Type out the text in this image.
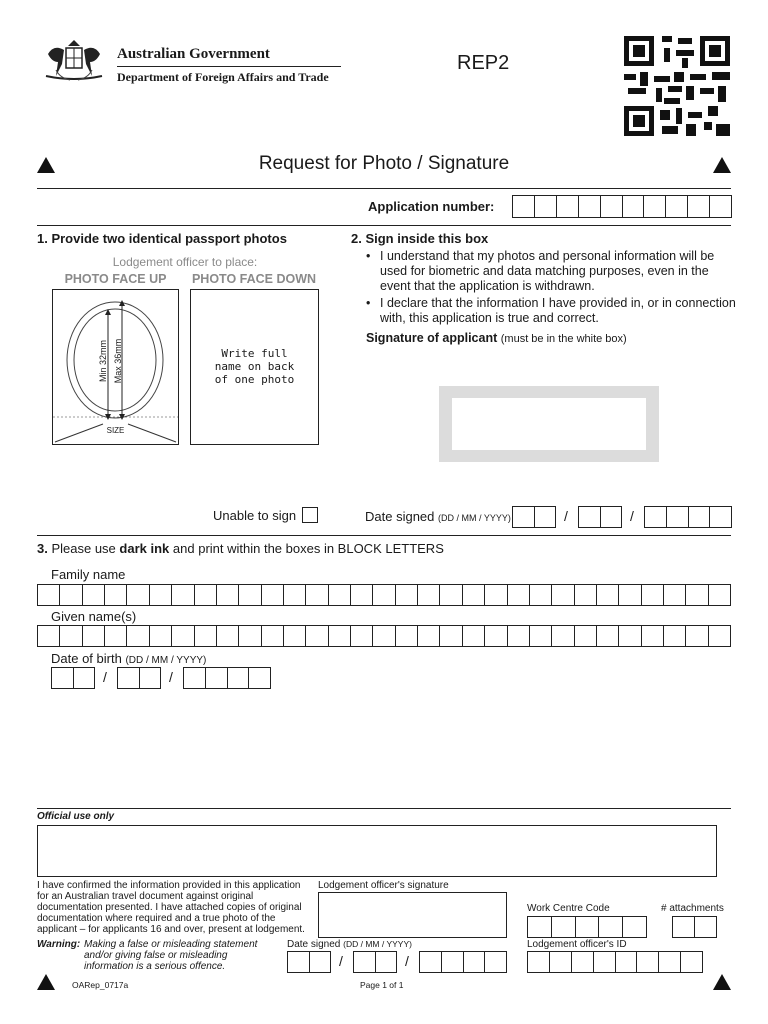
Australian Government
Department of Foreign Affairs and Trade
REP2
Request for Photo / Signature
Application number:
1. Provide two identical passport photos
Lodgement officer to place:
PHOTO FACE UP	PHOTO FACE DOWN
Min 32mm Max 36mm
SIZE
Write full name on back of one photo
2. Sign inside this box
• I understand that my photos and personal information will be used for biometric and data matching purposes, even in the event that the application is withdrawn.
• I declare that the information I have provided in, or in connection with, this application is true and correct.
Signature of applicant (must be in the white box)
Unable to sign	Date signed (DD / MM / YYYY)	/	/
3. Please use dark ink and print within the boxes in BLOCK LETTERS
Family name
Given name(s)
Date of birth (DD / MM / YYYY)
/	/
Official use only
I have confirmed the information provided in this application for an Australian travel document against original documentation presented. I have attached copies of original documentation where required and a true photo of the applicant – for applicants 16 and over, present at lodgement.
Warning: Making a false or misleading statement and/or giving false or misleading information is a serious offence.
Lodgement officer's signature
Date signed (DD / MM / YYYY)
/	/
Work Centre Code	# attachments
Lodgement officer's ID
OARep_0717a	Page 1 of 1
